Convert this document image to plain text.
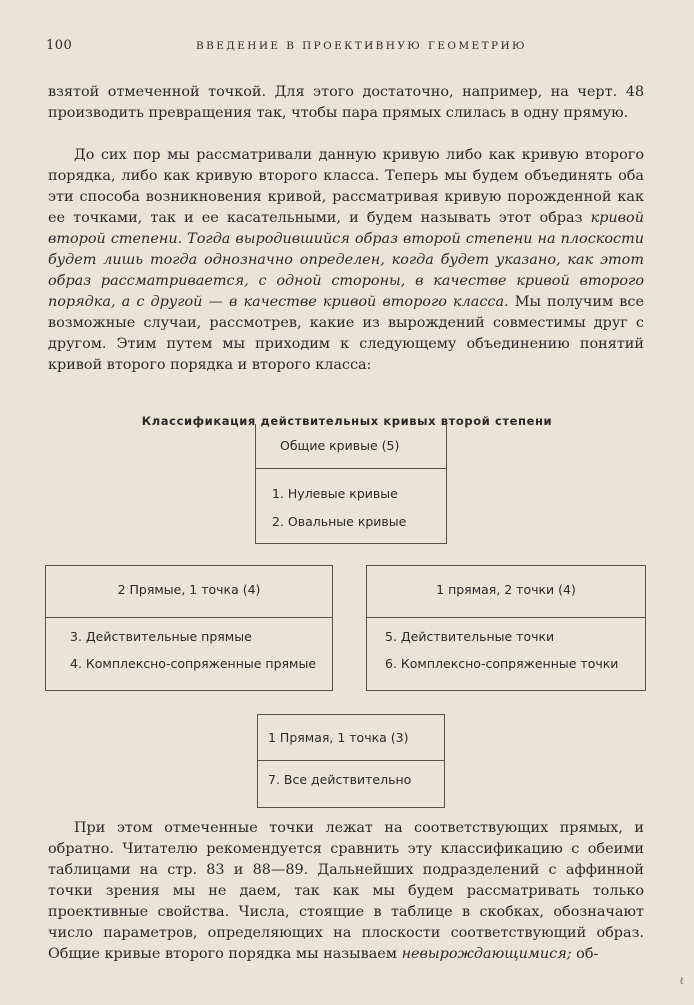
100	ВВЕДЕНИЕ В ПРОЕКТИВНУЮ ГЕОМЕТРИЮ

взятой отмеченной точкой. Для этого достаточно, например, на черт. 48 производить превращения так, чтобы пара прямых слилась в одну прямую.

До сих пор мы рассматривали данную кривую либо как кривую второго порядка, либо как кривую второго класса. Теперь мы будем объединять оба эти способа возникновения кривой, рассматривая кривую порожденной как ее точками, так и ее касательными, и будем называть этот образ кривой второй степени. Тогда выродившийся образ второй степени на плоскости будет лишь тогда однозначно определен, когда будет указано, как этот образ рассматривается, с одной стороны, в качестве кривой второго порядка, а с другой — в качестве кривой второго класса. Мы получим все возможные случаи, рассмотрев, какие из вырождений совместимы друг с другом. Этим путем мы приходим к следующему объединению понятий кривой второго порядка и второго класса:

Классификация действительных кривых второй степени
Общие кривые (5)
1. Нулевые кривые
2. Овальные кривые
2 Прямые, 1 точка (4)
3. Действительные прямые
4. Комплексно-сопряженные прямые
1 прямая, 2 точки (4)
5. Действительные точки
6. Комплексно-сопряженные точки
1 Прямая, 1 точка (3)
7. Все действительно

При этом отмеченные точки лежат на соответствующих прямых, и обратно. Читателю рекомендуется сравнить эту классификацию с обеими таблицами на стр. 83 и 88—89. Дальнейших подразделений с аффинной точки зрения мы не даем, так как мы будем рассматривать только проективные свойства. Числа, стоящие в таблице в скобках, обозначают число параметров, определяющих на плоскости соответствующий образ. Общие кривые второго порядка мы называем невырождающимися; об-

ℓ
